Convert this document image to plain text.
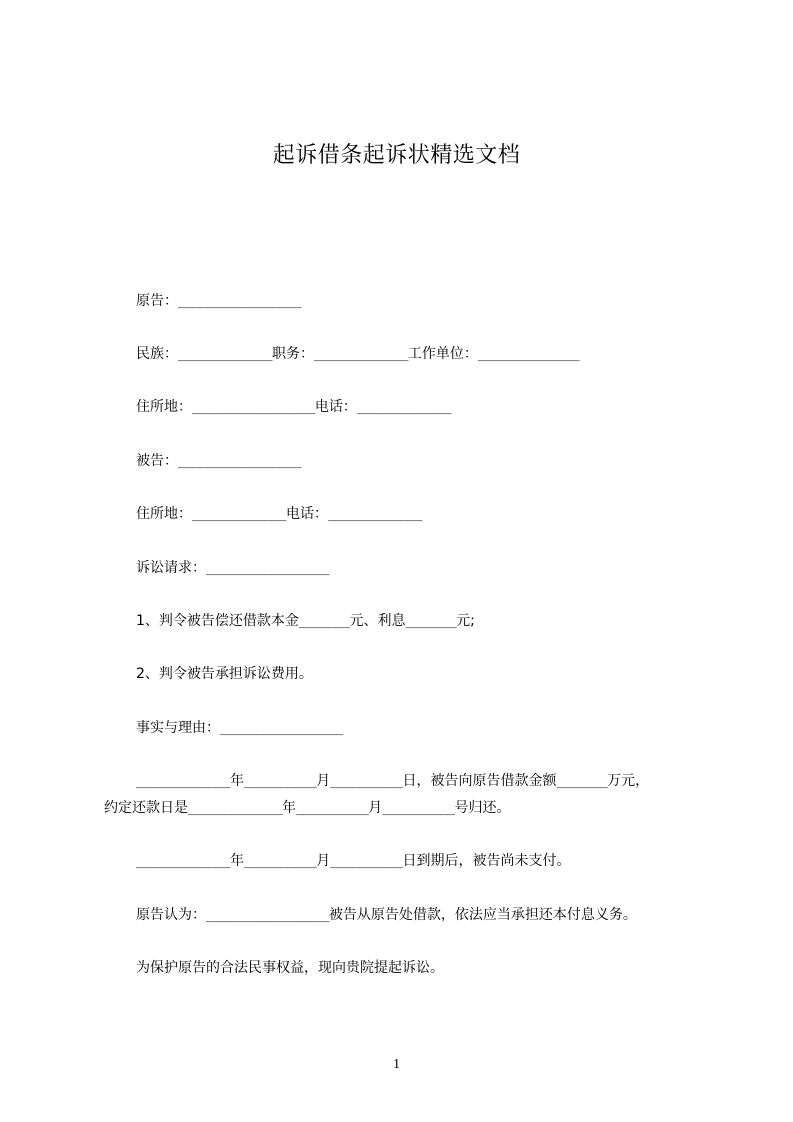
起诉借条起诉状精选文档
原告：_________________
民族：_____________职务：_____________工作单位：______________
住所地：_________________电话：_____________
被告：_________________
住所地：_____________电话：_____________
诉讼请求：_________________
1、判令被告偿还借款本金_______元、利息_______元;
2、判令被告承担诉讼费用。
事实与理由：_________________
_____________年__________月__________日，被告向原告借款金额_______万元，
约定还款日是_____________年__________月__________号归还。
_____________年__________月__________日到期后，被告尚未支付。
原告认为：_________________被告从原告处借款，依法应当承担还本付息义务。
为保护原告的合法民事权益，现向贵院提起诉讼。
1
